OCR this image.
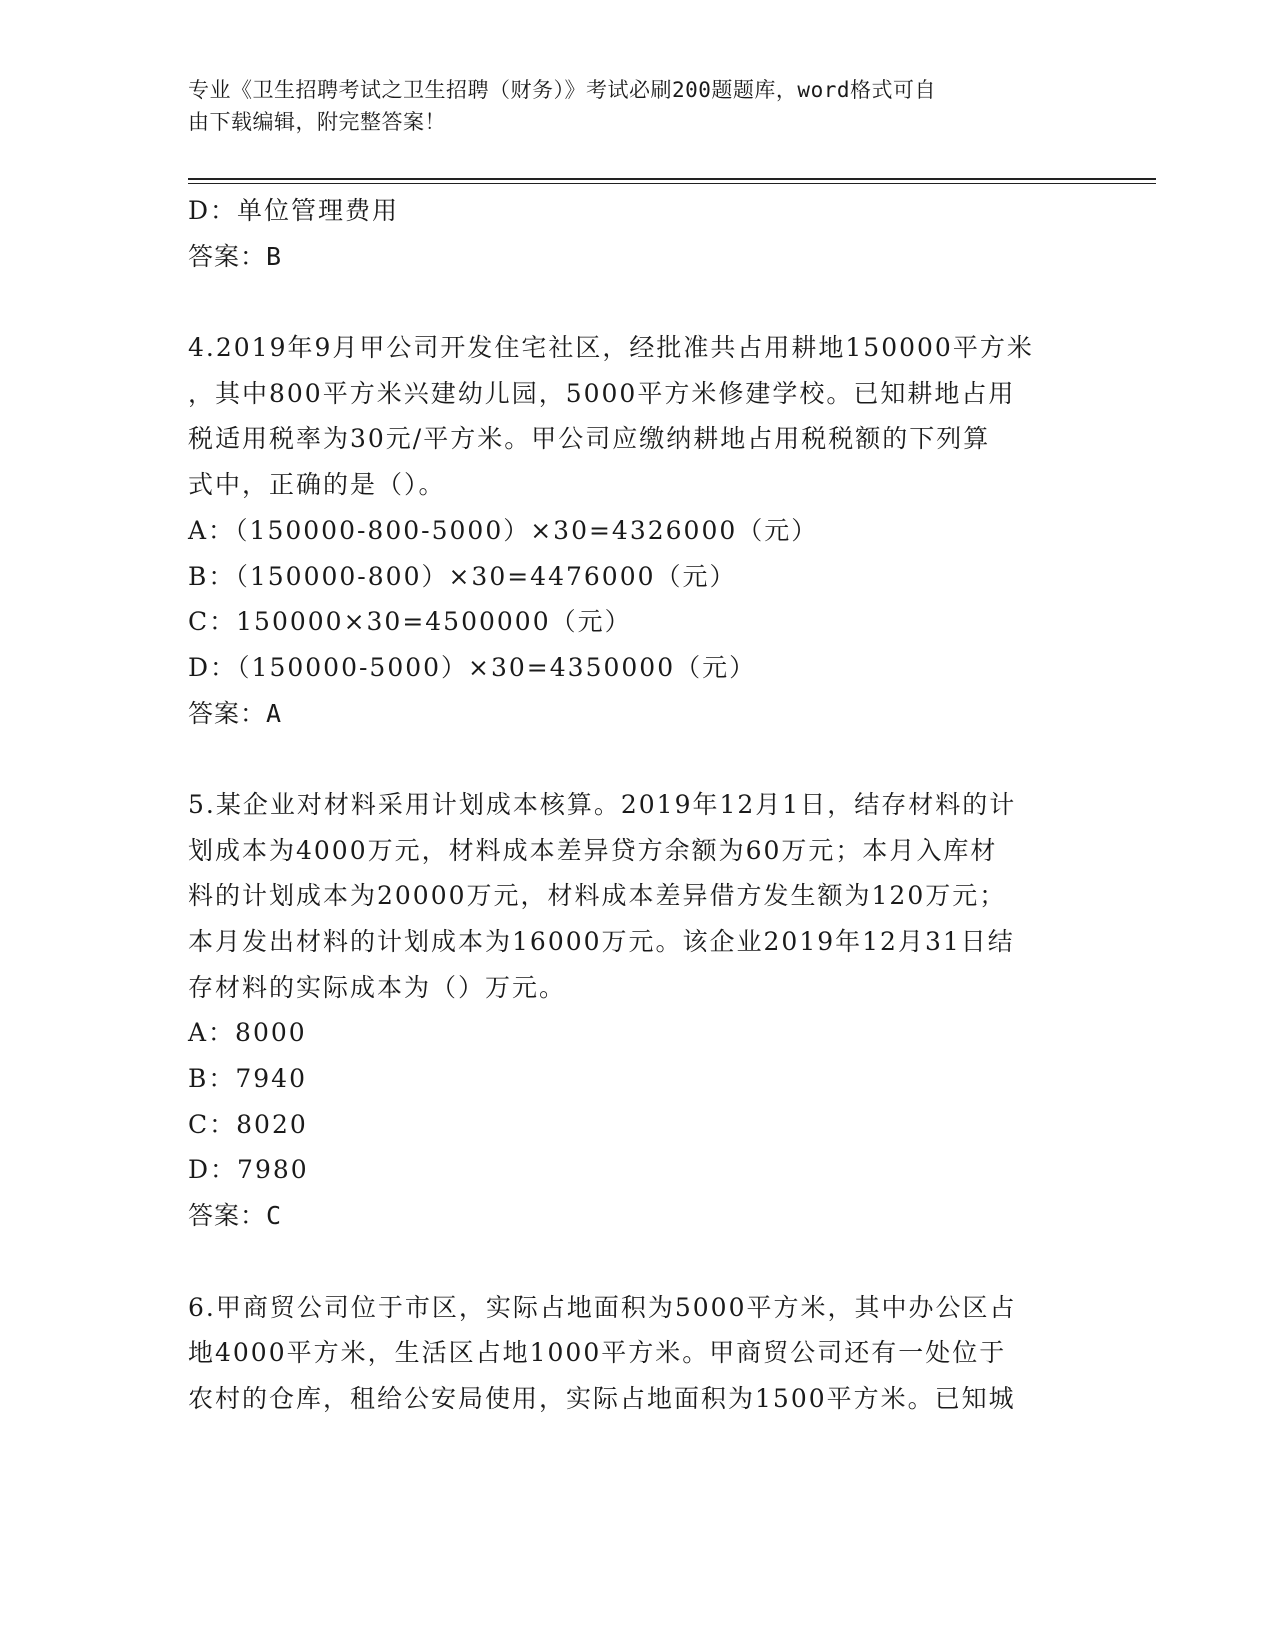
专业《卫生招聘考试之卫生招聘（财务）》考试必刷200题题库，word格式可自
由下载编辑，附完整答案！
D：单位管理费用
答案：B
4.2019年9月甲公司开发住宅社区，经批准共占用耕地150000平方米
，其中800平方米兴建幼儿园，5000平方米修建学校。已知耕地占用
税适用税率为30元/平方米。甲公司应缴纳耕地占用税税额的下列算
式中，正确的是（）。
A：（150000-800-5000）×30=4326000（元）
B：（150000-800）×30=4476000（元）
C：150000×30=4500000（元）
D：（150000-5000）×30=4350000（元）
答案：A
5.某企业对材料采用计划成本核算。2019年12月1日，结存材料的计
划成本为4000万元，材料成本差异贷方余额为60万元；本月入库材
料的计划成本为20000万元，材料成本差异借方发生额为120万元；
本月发出材料的计划成本为16000万元。该企业2019年12月31日结
存材料的实际成本为（）万元。
A：8000
B：7940
C：8020
D：7980
答案：C
6.甲商贸公司位于市区，实际占地面积为5000平方米，其中办公区占
地4000平方米，生活区占地1000平方米。甲商贸公司还有一处位于
农村的仓库，租给公安局使用，实际占地面积为1500平方米。已知城
